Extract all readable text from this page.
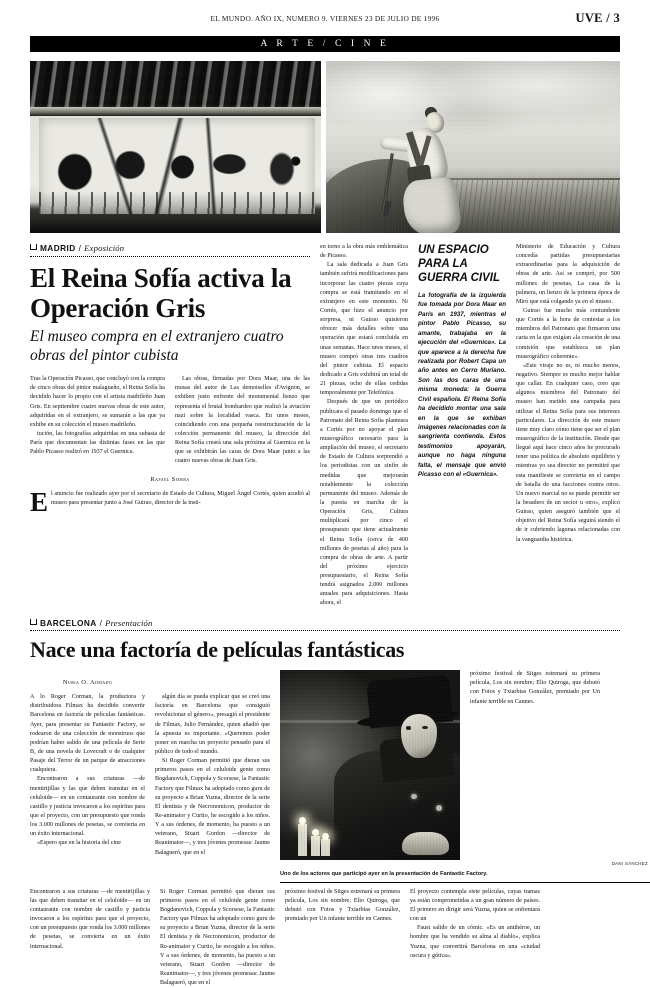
EL MUNDO. AÑO IX, NUMERO 9. VIERNES 23 DE JULIO DE 1996	UVE / 3
A R T E / C I N E
MADRID / Exposición
El Reina Sofía activa la Operación Gris
El museo compra en el extranjero cuatro obras del pintor cubista

Tras la Operación Picasso, que concluyó con la compra de cinco obras del pintor malagueño, el Reina Sofía ha decidido hacer lo propio con el artista madrileño Juan Gris. En septiembre cuatro nuevas obras de este autor, adquiridas en el extranjero, se sumarán a las que ya exhibe en su colección el museo madrileño.

tución, las fotografías adquiridas en una subasta de París que documentan las distintas fases en las que Pablo Picasso realizó en 1937 el Guernica.

Las obras, firmadas por Dora Maar, una de las musas del autor de Las demoiselles d'Avignon, se exhiben justo enfrente del monumental lienzo que representa el brutal bombardeo que realizó la aviación nazi sobre la localidad vasca. En unos meses, coincidiendo con una pequeña reestructuración de la colección permanente del museo, la dirección del Reina Sofía creará una sala próxima al Guernica en la que se exhibirán las caras de Dora Maar junto a las cuatro nuevas obras de Juan Gris.

Rafael Sierra
El anuncio fue realizado ayer por el secretario de Estado de Cultura, Miguel Ángel Cortés, quien acudió al museo para presentar junto a José Guirao, director de la insti-

en torno a la obra más emblemática de Picasso.

La sala dedicada a Juan Gris también sufrirá modificaciones para incorporar las cuatro piezas cuya compra se está tramitando en el extranjero en este momento. Ni Cortés, que hizo el anuncio por sorpresa, ni Guirao quisieron ofrecer más detalles sobre una operación que estará concluida en unas semanas. Hace unos meses, el museo compró otras tres cuadros del pintor cubista. El espacio dedicado a Gris exhibirá un total de 21 piezas, ocho de ellas cedidas temporalmente por Telefónica.

Después de que un periódico publicara el pasado domingo que el Patronato del Reina Sofía planteara a Cortés por no apoyar el plan museográfico necesario para la ampliación del museo, el secretario de Estado de Cultura sorprendió a los periodistas con un sinfín de medidas que mejorarán notablemente la colección permanente del museo. Además de la puesta en marcha de la Operación Gris, Cultura multiplicará por cinco el presupuesto que tiene actualmente el Reina Sofía (cerca de 400 millones de pesetas al año) para la compra de obras de arte. A partir del próximo ejercicio presupuestario, el Reina Sofía tendrá asignados 2.000 millones anuales para adquisiciones. Hasta ahora, el

UN ESPACIO PARA LA GUERRA CIVIL

La fotografía de la izquierda fue tomada por Dora Maar en París en 1937, mientras el pintor Pablo Picasso, su amante, trabajaba en la ejecución del «Guernica». La que aparece a la derecha fue realizada por Robert Capa un año antes en Cerro Muriano. Son las dos caras de una misma moneda: la Guerra Civil española. El Reina Sofía ha decidido montar una sala en la que se exhiban imágenes relacionadas con la sangrienta contienda. Estos testimonios apoyarán, aunque no haga ninguna falta, el mensaje que envió Picasso con el «Guernica».

Ministerio de Educación y Cultura concedía partidas presupuestarias extraordinarias para la adquisición de obras de arte. Así se compró, por 500 millones de pesetas, La casa de la palmera, un lienzo de la primera época de Miró que está colgando ya en el museo.

Guirao fue mucho más contundente que Cortés a la hora de contestar a los miembros del Patronato que firmaron una carta en la que exigían «la creación de una comisión que establezca un plan museográfico coherente».

«Este viraje no es, ni mucho menos, negativo. Siempre es mucho mejor hablar que callar. En cualquier caso, creo que algunos miembros del Patronato del museo han metido una campaña para utilizar el Reina Sofía para sus intereses particulares. La dirección de este museo tiene muy claro cómo tiene que ser el plan museográfico de la institución. Desde que llegué aquí hace cinco años he procurado tener una política de absoluto equilibrio y mientras yo sea director no permitiré que esta manifieste se convierta en el campo de batalla de una facciones contra otros. Un nuevo marcial no se puede permitir ser la besadero de un sector u otro», explicó Guirao, quien aseguró también que el objetivo del Reina Sofía seguirá siendo el de ir cubriendo lagunas relacionadas con la vanguardia histórica.

BARCELONA / Presentación
Nace una factoría de películas fantásticas
Nuria O. Admado

A lo Roger Corman, la productora y distribuidora Filmax ha decidido convertir Barcelona en factoría de películas fantásticas. Ayer, para presentar su Fantastic Factory, se rodearon de una colección de monstruos que podrían haber salido de una película de Serie B, de una novela de Lovecraft o de cualquier Pasaje del Terror de un parque de atracciones cualquiera.

Encontraron a sus criaturas —de mentirijillas y las que deben transitar en el celuloide— en un contaurante con nombre de castillo y justicia invocaron a los espíritus para que el proyecto, con un presupuesto que ronda los 3.000 millones de pesetas, se convierta en un éxito internacional.

«Espero que en la historia del cine

algún día se pueda explicar que se creó una factoría en Barcelona que consiguió revolucionar el género», presagió el presidente de Filmax, Julio Fernández, quien añadió que la apuesta es importante. «Queremos poder poner en marcha un proyecto pensado para el público de todo el mundo.

Si Roger Corman permitió que dieran sus primeros pasos en el celuloide gente como Bogdanovich, Coppola y Scorsese, la Fantastic Factory que Filmax ha adoptado como guru de su proyecto a Brian Yuzna, director de la serie El dentista y de Necronomicon, productor de Re-animator y Curtio, he escogido a los niños. Y a sus órdenes, de momento, ha puesto a un veterano, Stuart Gordon —director de Reanimator—, y tres jóvenes promesas: Jaume Balagueró, que en el

próximo festival de Sitges estrenará su primera película, Los sin nombre; Elio Quiroga, que debutó con Fotos y Txiarbias González, premiado por Un infante terrible en Cannes.

DANI SÁNCHEZ
Uno de los actores que participó ayer en la presentación de Fantastic Factory.

Encontraron a sus criaturas —de mentirijillas y las que deben transitar en el celuloide— en un contaurante con nombre de castillo y justicia invocaron a los espíritus para que el proyecto, con un presupuesto que ronda los 3.000 millones de pesetas, se convierta en un éxito internacional.

Si Roger Corman permitió que dieran sus primeros pasos en el celuloide gente como Bogdanovich, Coppola y Scorsese, la Fantastic Factory que Filmax ha adoptado como guru de su proyecto a Brian Yuzna, director de la serie El dentista y de Necronomicon, productor de Re-animator y Curtio, he escogido a los niños. Y a sus órdenes, de momento, ha puesto a un veterano, Stuart Gordon —director de Reanimator—, y tres jóvenes promesas: Jaume Balagueró, que en el

próximo festival de Sitges estrenará su primera película, Los sin nombre; Elio Quiroga, que debutó con Fotos y Txiarbias González, premiado por Un infante terrible en Cannes.

El proyecto contempla siete películas, cuyas tramas ya están comprometidas a un gran número de países. El primero en dirigir será Yuzna, quien se enfrentará con un

Faust salido de un cómic. «Es un antihéroe, un hombre que ha vendido su alma al diablo», explica Yuzna, que convertirá Barcelona en una «ciudad oscura y gótica».
